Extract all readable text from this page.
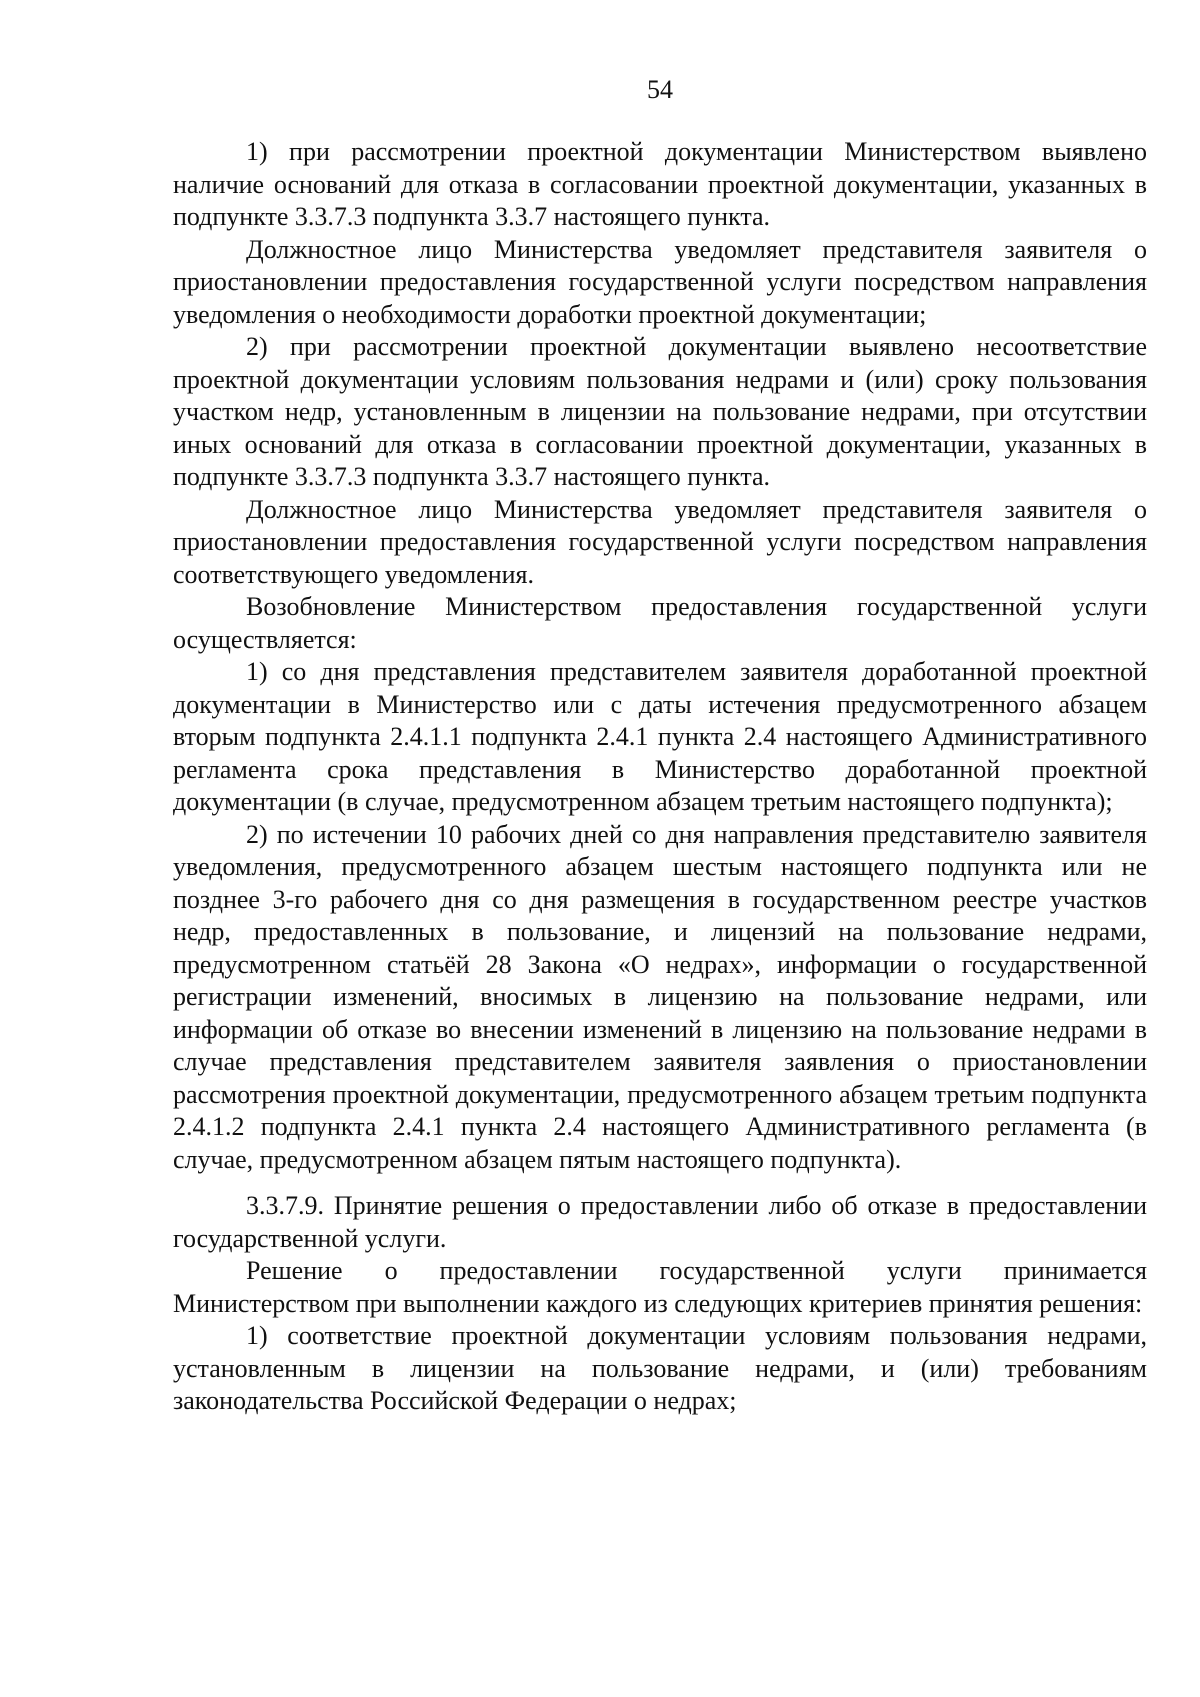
54

1) при рассмотрении проектной документации Министерством выявлено наличие оснований для отказа в согласовании проектной документации, указанных в подпункте 3.3.7.3 подпункта 3.3.7 настоящего пункта.

Должностное лицо Министерства уведомляет представителя заявителя о приостановлении предоставления государственной услуги посредством направления уведомления о необходимости доработки проектной документации;

2) при рассмотрении проектной документации выявлено несоответствие проектной документации условиям пользования недрами и (или) сроку пользования участком недр, установленным в лицензии на пользование недрами, при отсутствии иных оснований для отказа в согласовании проектной документации, указанных в подпункте 3.3.7.3 подпункта 3.3.7 настоящего пункта.

Должностное лицо Министерства уведомляет представителя заявителя о приостановлении предоставления государственной услуги посредством направления соответствующего уведомления.

Возобновление Министерством предоставления государственной услуги осуществляется:

1) со дня представления представителем заявителя доработанной проектной документации в Министерство или с даты истечения предусмотренного абзацем вторым подпункта 2.4.1.1 подпункта 2.4.1 пункта 2.4 настоящего Административного регламента срока представления в Министерство доработанной проектной документации (в случае, предусмотренном абзацем третьим настоящего подпункта);

2) по истечении 10 рабочих дней со дня направления представителю заявителя уведомления, предусмотренного абзацем шестым настоящего подпункта или не позднее 3-го рабочего дня со дня размещения в государственном реестре участков недр, предоставленных в пользование, и лицензий на пользование недрами, предусмотренном статьёй 28 Закона «О недрах», информации о государственной регистрации изменений, вносимых в лицензию на пользование недрами, или информации об отказе во внесении изменений в лицензию на пользование недрами в случае представления представителем заявителя заявления о приостановлении рассмотрения проектной документации, предусмотренного абзацем третьим подпункта 2.4.1.2 подпункта 2.4.1 пункта 2.4 настоящего Административного регламента (в случае, предусмотренном абзацем пятым настоящего подпункта).

3.3.7.9. Принятие решения о предоставлении либо об отказе в предоставлении государственной услуги.

Решение о предоставлении государственной услуги принимается Министерством при выполнении каждого из следующих критериев принятия решения:

1) соответствие проектной документации условиям пользования недрами, установленным в лицензии на пользование недрами, и (или) требованиям законодательства Российской Федерации о недрах;
